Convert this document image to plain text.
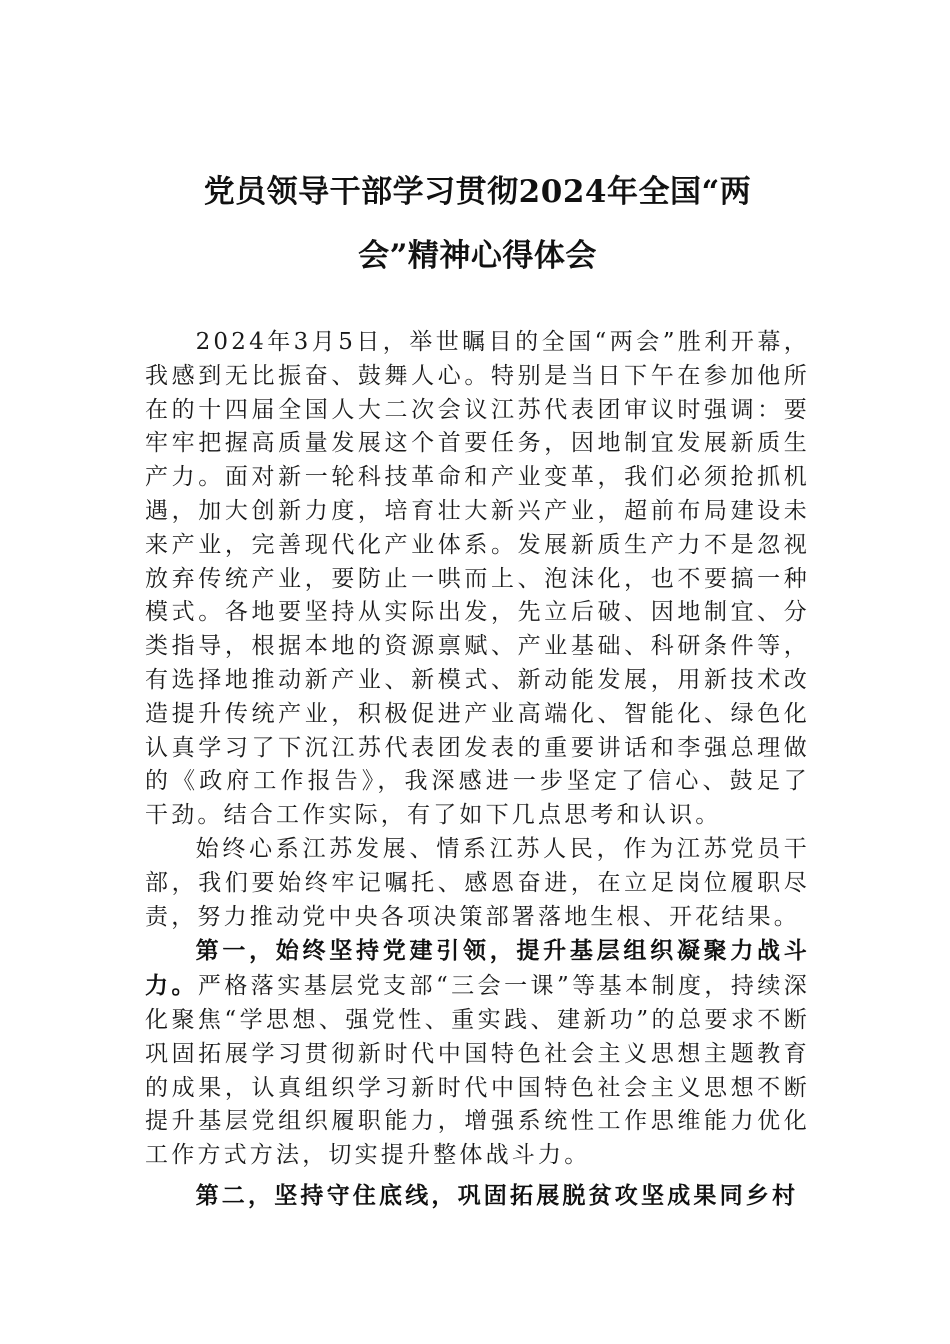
党员领导干部学习贯彻2024年全国“两
会”精神心得体会

2024年3月5日，举世瞩目的全国“两会”胜利开幕，我感到无比振奋、鼓舞人心。特别是当日下午在参加他所在的十四届全国人大二次会议江苏代表团审议时强调：要牢牢把握高质量发展这个首要任务，因地制宜发展新质生产力。面对新一轮科技革命和产业变革，我们必须抢抓机遇，加大创新力度，培育壮大新兴产业，超前布局建设未来产业，完善现代化产业体系。发展新质生产力不是忽视放弃传统产业，要防止一哄而上、泡沫化，也不要搞一种模式。各地要坚持从实际出发，先立后破、因地制宜、分类指导，根据本地的资源禀赋、产业基础、科研条件等，有选择地推动新产业、新模式、新动能发展，用新技术改造提升传统产业，积极促进产业高端化、智能化、绿色化认真学习了下沉江苏代表团发表的重要讲话和李强总理做的《政府工作报告》，我深感进一步坚定了信心、鼓足了干劲。结合工作实际，有了如下几点思考和认识。

始终心系江苏发展、情系江苏人民，作为江苏党员干部，我们要始终牢记嘱托、感恩奋进，在立足岗位履职尽责，努力推动党中央各项决策部署落地生根、开花结果。

第一，始终坚持党建引领，提升基层组织凝聚力战斗力。严格落实基层党支部“三会一课”等基本制度，持续深化聚焦“学思想、强党性、重实践、建新功”的总要求不断巩固拓展学习贯彻新时代中国特色社会主义思想主题教育的成果，认真组织学习新时代中国特色社会主义思想不断提升基层党组织履职能力，增强系统性工作思维能力优化工作方式方法，切实提升整体战斗力。

第二，坚持守住底线，巩固拓展脱贫攻坚成果同乡村
